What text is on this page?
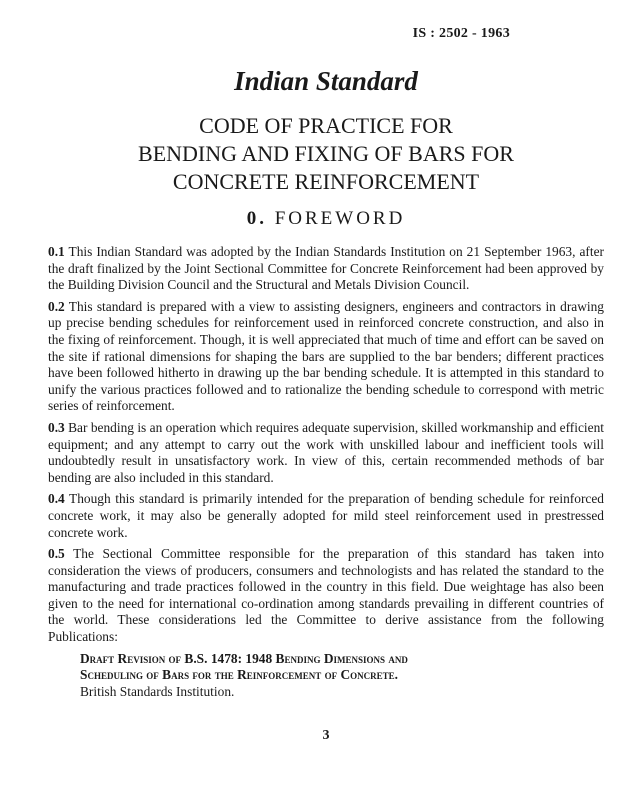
IS : 2502 - 1963
Indian Standard
CODE OF PRACTICE FOR
BENDING AND FIXING OF BARS FOR
CONCRETE REINFORCEMENT
0. FOREWORD

0.1 This Indian Standard was adopted by the Indian Standards Institution on 21 September 1963, after the draft finalized by the Joint Sectional Committee for Concrete Reinforcement had been approved by the Building Division Council and the Structural and Metals Division Council.

0.2 This standard is prepared with a view to assisting designers, engineers and contractors in drawing up precise bending schedules for reinforcement used in reinforced concrete construction, and also in the fixing of reinforcement. Though, it is well appreciated that much of time and effort can be saved on the site if rational dimensions for shaping the bars are supplied to the bar benders; different practices have been followed hitherto in drawing up the bar bending schedule. It is attempted in this standard to unify the various practices followed and to rationalize the bending schedule to correspond with metric series of reinforcement.

0.3 Bar bending is an operation which requires adequate supervision, skilled workmanship and efficient equipment; and any attempt to carry out the work with unskilled labour and inefficient tools will undoubtedly result in unsatisfactory work. In view of this, certain recommended methods of bar bending are also included in this standard.

0.4 Though this standard is primarily intended for the preparation of bending schedule for reinforced concrete work, it may also be generally adopted for mild steel reinforcement used in prestressed concrete work.

0.5 The Sectional Committee responsible for the preparation of this standard has taken into consideration the views of producers, consumers and technologists and has related the standard to the manufacturing and trade practices followed in the country in this field. Due weightage has also been given to the need for international co-ordination among standards prevailing in different countries of the world. These considerations led the Committee to derive assistance from the following Publications:

Draft Revision of B.S. 1478: 1948 Bending Dimensions and
Scheduling of Bars for the Reinforcement of Concrete.
British Standards Institution.

3
